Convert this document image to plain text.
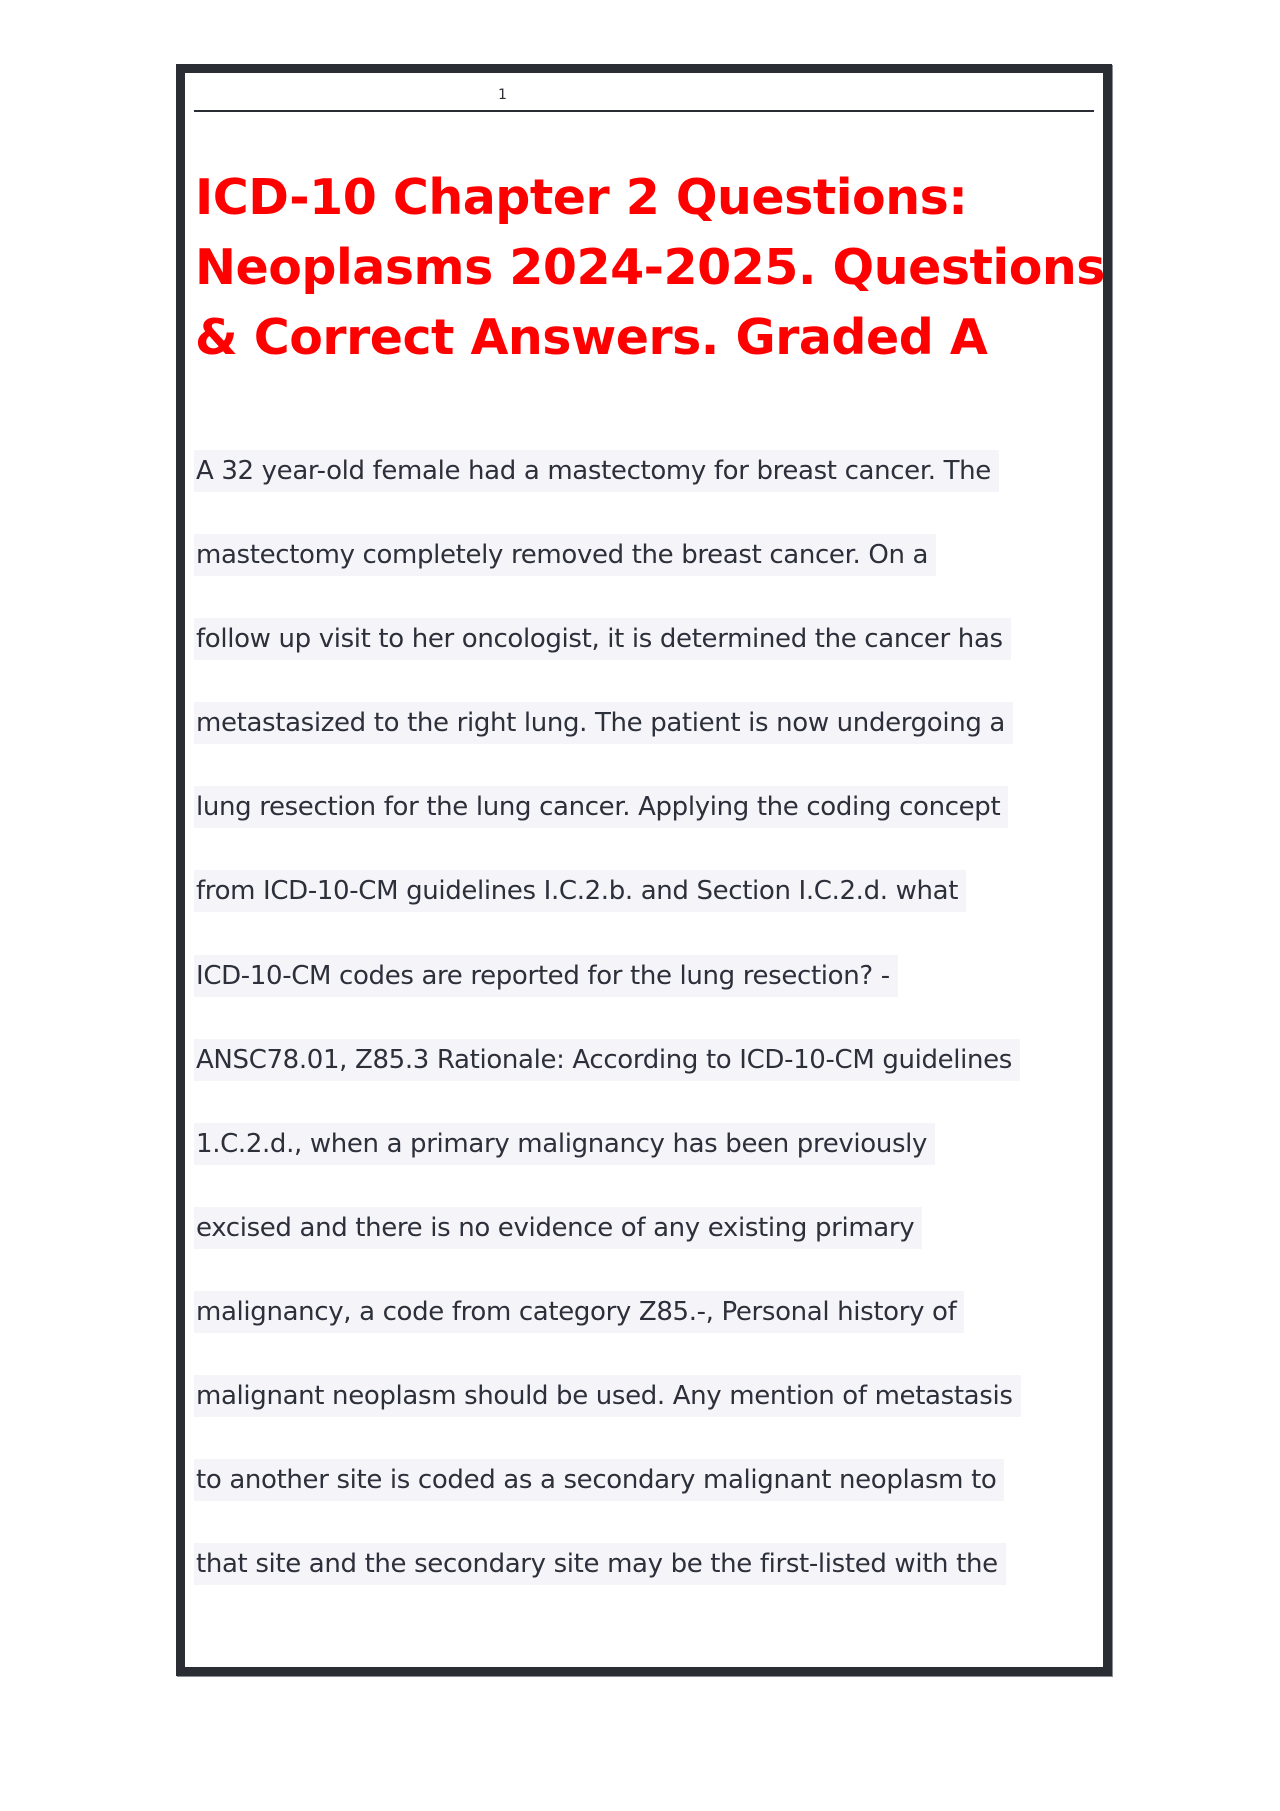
1
ICD-10 Chapter 2 Questions:
Neoplasms 2024-2025. Questions
& Correct Answers. Graded A
A 32 year-old female had a mastectomy for breast cancer. The
mastectomy completely removed the breast cancer. On a
follow up visit to her oncologist, it is determined the cancer has
metastasized to the right lung. The patient is now undergoing a
lung resection for the lung cancer. Applying the coding concept
from ICD-10-CM guidelines I.C.2.b. and Section I.C.2.d. what
ICD-10-CM codes are reported for the lung resection? -
ANSC78.01, Z85.3 Rationale: According to ICD-10-CM guidelines
1.C.2.d., when a primary malignancy has been previously
excised and there is no evidence of any existing primary
malignancy, a code from category Z85.-, Personal history of
malignant neoplasm should be used. Any mention of metastasis
to another site is coded as a secondary malignant neoplasm to
that site and the secondary site may be the first-listed with the
